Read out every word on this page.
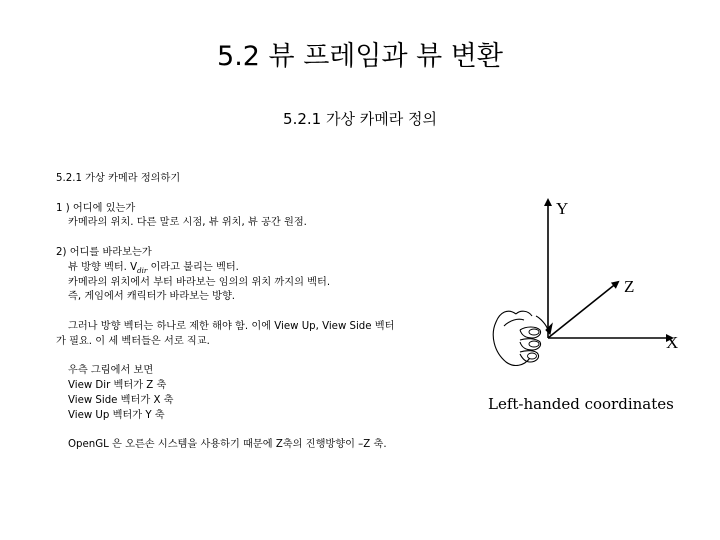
5.2 뷰 프레임과 뷰 변환
5.2.1 가상 카메라 정의
5.2.1 가상 카메라 정의하기
1 ) 어디에 있는가
카메라의 위치. 다른 말로 시점, 뷰 위치, 뷰 공간 원점.
2) 어디를 바라보는가
뷰 방향 벡터. $V_{dir}$ 이라고 불리는 벡터.
카메라의 위치에서 부터 바라보는 임의의 위치 까지의 벡터.
즉, 게임에서 캐릭터가 바라보는 방향.
그러나 방향 벡터는 하나로 제한 해야 함. 이에 View Up, View Side 벡터
가 필요. 이 세 벡터들은 서로 직교.
우측 그림에서 보면
View Dir 벡터가 Z 축
View Side 벡터가 X 축
View Up 벡터가 Y 축
OpenGL 은 오른손 시스템을 사용하기 때문에 Z축의 진행방향이 –Z 축.
Y
Z
X
Left-handed coordinates
